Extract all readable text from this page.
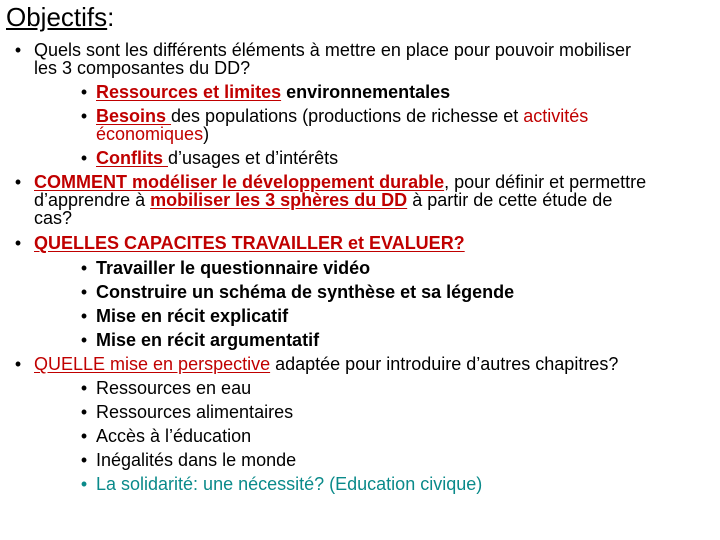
Objectifs:
• Quels sont les différents éléments à mettre en place pour pouvoir mobiliser
les 3 composantes du DD?
• Ressources et limites environnementales
• Besoins des populations (productions de richesse et activités
économiques)
• Conflits d’usages et d’intérêts
• COMMENT modéliser le développement durable, pour définir et permettre
d’apprendre à mobiliser les 3 sphères du DD à partir de cette étude de
cas?
• QUELLES CAPACITES TRAVAILLER et EVALUER?
• Travailler le questionnaire vidéo
• Construire un schéma de synthèse et sa légende
• Mise en récit explicatif
• Mise en récit argumentatif
• QUELLE mise en perspective adaptée pour introduire d’autres chapitres?
• Ressources en eau
• Ressources alimentaires
• Accès à l’éducation
• Inégalités dans le monde
• La solidarité: une nécessité? (Education civique)
